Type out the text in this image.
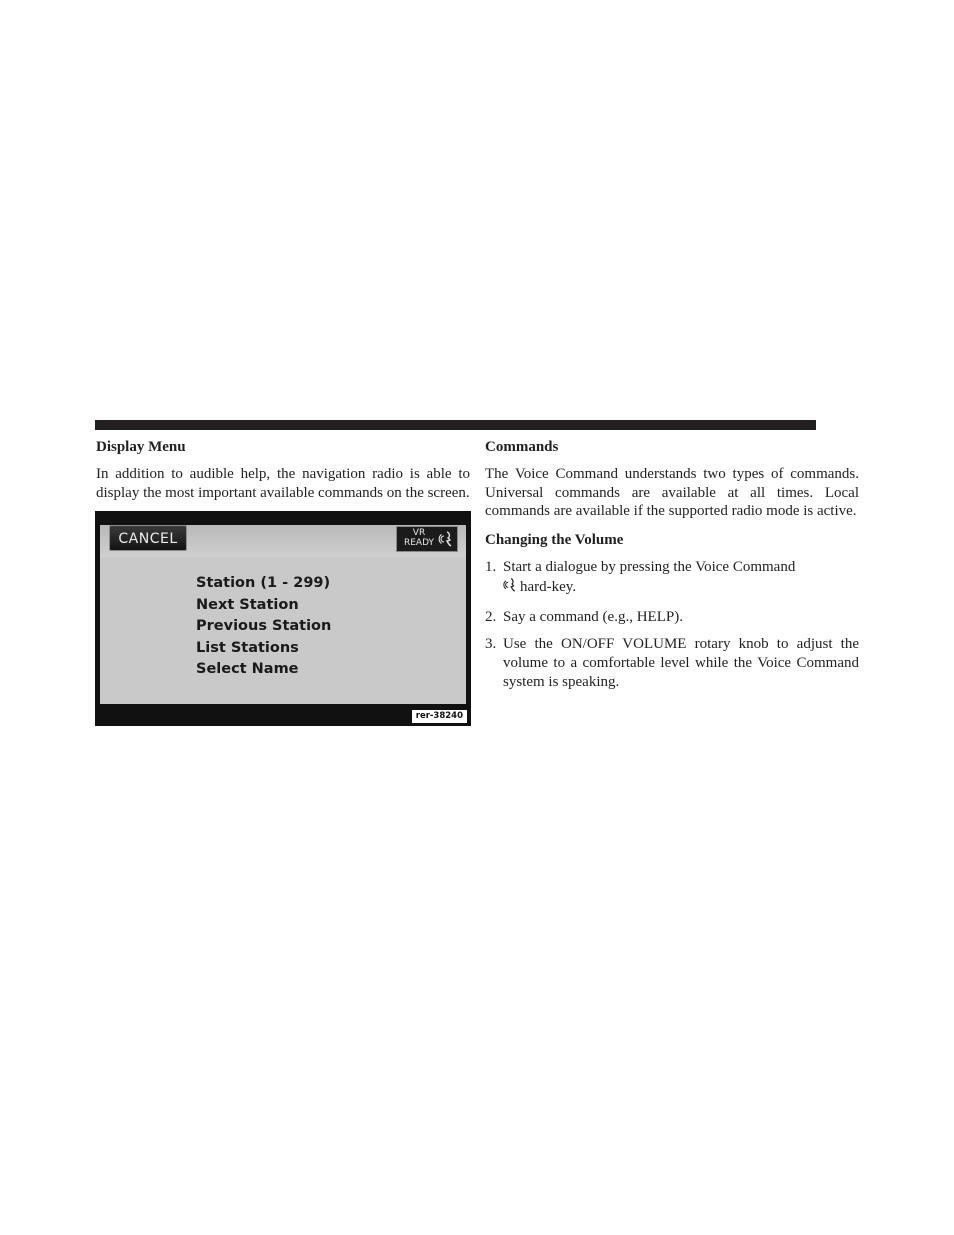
Display Menu
In addition to audible help, the navigation radio is able to display the most important available commands on the screen.
CANCEL	VR
READY
Station (1 - 299)
Next Station
Previous Station
List Stations
Select Name
rer-38240
Commands
The Voice Command understands two types of commands. Universal commands are available at all times. Local commands are available if the supported radio mode is active.
Changing the Volume
1. Start a dialogue by pressing the Voice Command
hard-key.
2. Say a command (e.g., HELP).
3. Use the ON/OFF VOLUME rotary knob to adjust the volume to a comfortable level while the Voice Command system is speaking.
